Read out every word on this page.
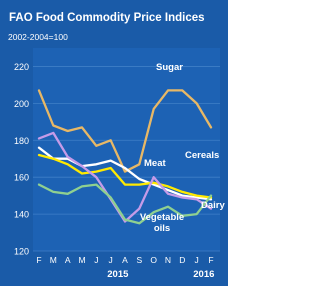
FAO Food Commodity Price Indices
2002-2004=100
120
140
160
180
200
220	Sugar
Meat
Cereals
Dairy
Vegetable
oils
F M A M J J A S O N D J F
2015	2016
